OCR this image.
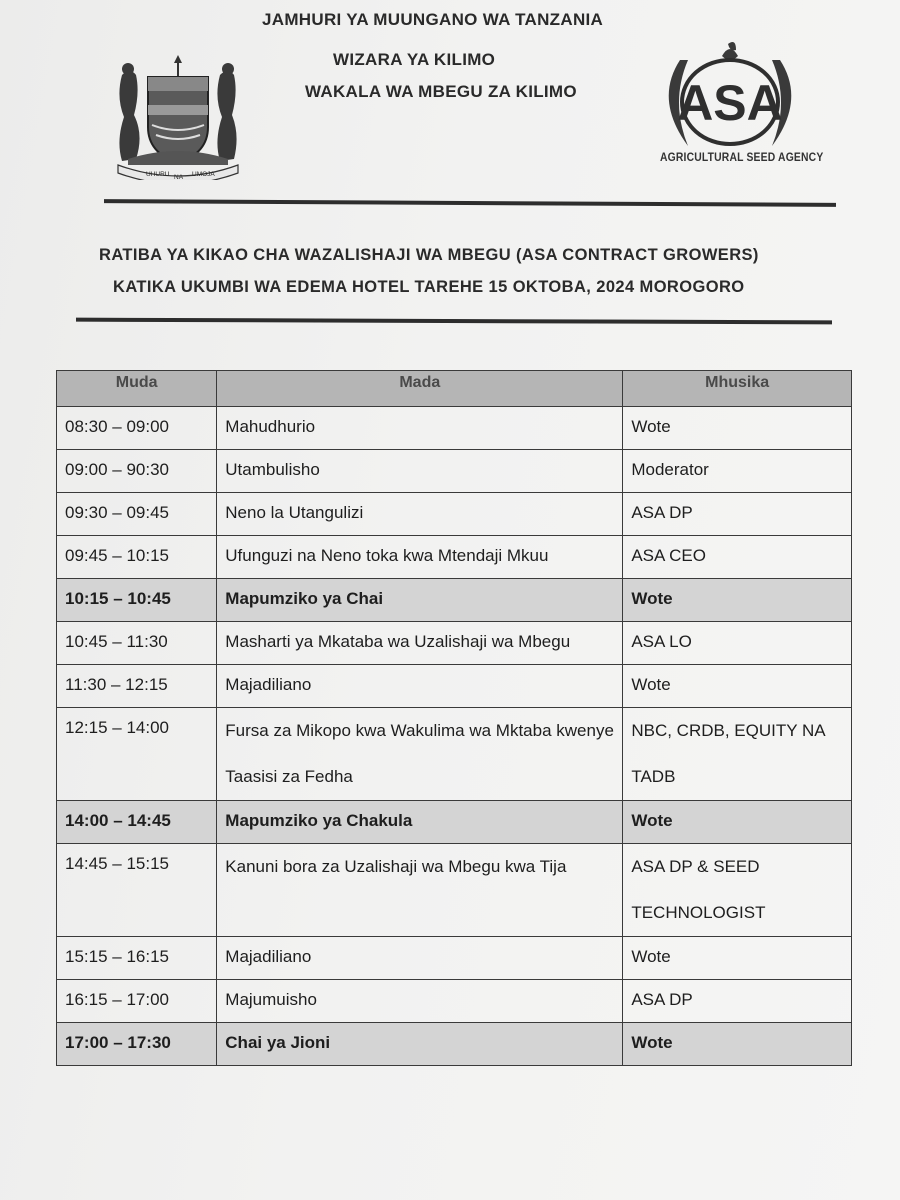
JAMHURI YA MUUNGANO WA TANZANIA
WIZARA YA KILIMO
WAKALA WA MBEGU ZA KILIMO
UHURU NA UMOJA
ASA
AGRICULTURAL SEED AGENCY
RATIBA YA KIKAO CHA WAZALISHAJI WA MBEGU (ASA CONTRACT GROWERS)
KATIKA UKUMBI WA EDEMA HOTEL TAREHE 15 OKTOBA, 2024 MOROGORO
Muda	Mada	Mhusika
08:30 – 09:00	Mahudhurio	Wote
09:00 – 90:30	Utambulisho	Moderator
09:30 – 09:45	Neno la Utangulizi	ASA DP
09:45 – 10:15	Ufunguzi na Neno toka kwa Mtendaji Mkuu	ASA CEO
10:15 – 10:45	Mapumziko ya Chai	Wote
10:45 – 11:30	Masharti ya Mkataba wa Uzalishaji wa Mbegu	ASA LO
11:30 – 12:15	Majadiliano	Wote
12:15 – 14:00	Fursa za Mikopo kwa Wakulima wa Mktaba kwenye Taasisi za Fedha	NBC, CRDB, EQUITY NA TADB
14:00 – 14:45	Mapumziko ya Chakula	Wote
14:45 – 15:15	Kanuni bora za Uzalishaji wa Mbegu kwa Tija	ASA DP & SEED TECHNOLOGIST
15:15 – 16:15	Majadiliano	Wote
16:15 – 17:00	Majumuisho	ASA DP
17:00 – 17:30	Chai ya Jioni	Wote
